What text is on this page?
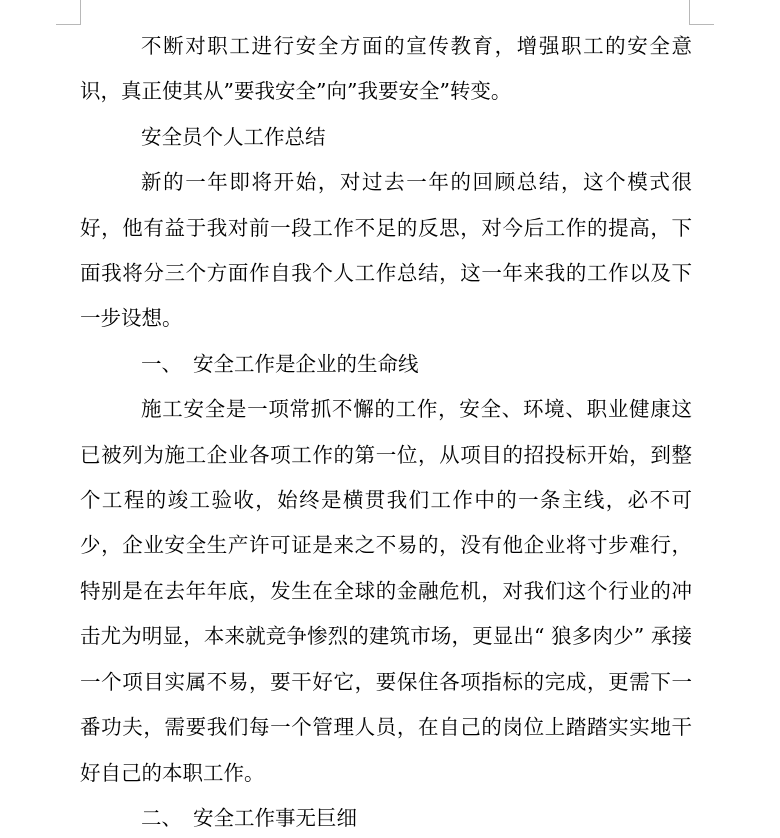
不断对职工进行安全方面的宣传教育，增强职工的安全意识，真正使其从”要我安全”向”我要安全”转变。

安全员个人工作总结

新的一年即将开始，对过去一年的回顾总结，这个模式很好，他有益于我对前一段工作不足的反思，对今后工作的提高，下面我将分三个方面作自我个人工作总结，这一年来我的工作以及下一步设想。

一、 安全工作是企业的生命线

施工安全是一项常抓不懈的工作，安全、环境、职业健康这已被列为施工企业各项工作的第一位，从项目的招投标开始，到整个工程的竣工验收，始终是横贯我们工作中的一条主线，必不可少，企业安全生产许可证是来之不易的，没有他企业将寸步难行，特别是在去年年底，发生在全球的金融危机，对我们这个行业的冲击尤为明显，本来就竞争惨烈的建筑市场，更显出“ 狼多肉少” 承接一个项目实属不易，要干好它，要保住各项指标的完成，更需下一番功夫，需要我们每一个管理人员，在自己的岗位上踏踏实实地干好自己的本职工作。

二、 安全工作事无巨细
